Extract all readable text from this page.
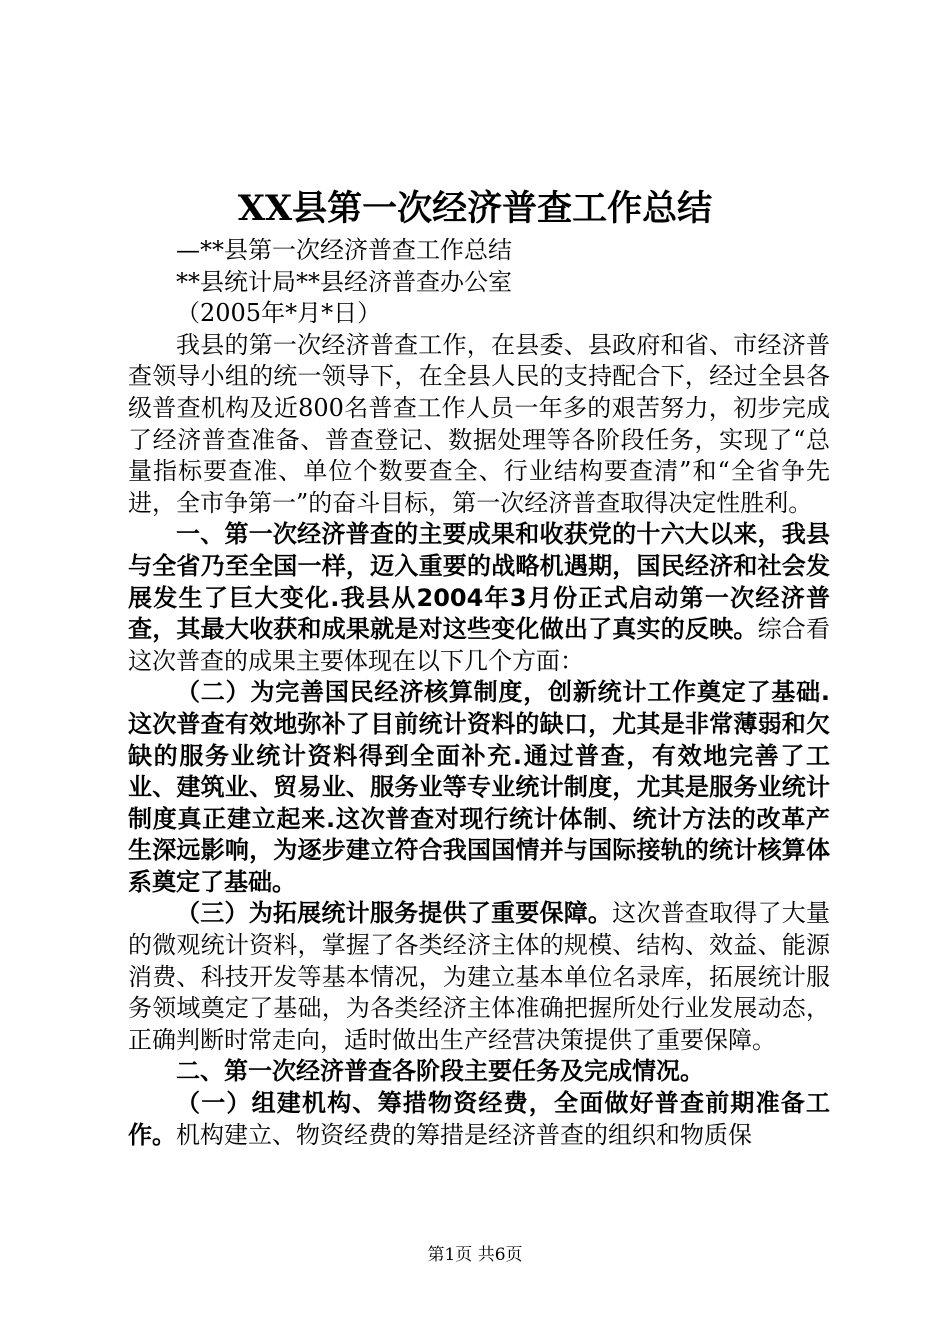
XX县第一次经济普查工作总结

—**县第一次经济普查工作总结

**县统计局**县经济普查办公室

（2005年*月*日）

我县的第一次经济普查工作，在县委、县政府和省、市经济普查领导小组的统一领导下，在全县人民的支持配合下，经过全县各级普查机构及近800名普查工作人员一年多的艰苦努力，初步完成了经济普查准备、普查登记、数据处理等各阶段任务，实现了“总量指标要查准、单位个数要查全、行业结构要查清”和“全省争先进，全市争第一”的奋斗目标，第一次经济普查取得决定性胜利。

一、第一次经济普查的主要成果和收获党的十六大以来，我县与全省乃至全国一样，迈入重要的战略机遇期，国民经济和社会发展发生了巨大变化.我县从2004年3月份正式启动第一次经济普查，其最大收获和成果就是对这些变化做出了真实的反映。综合看这次普查的成果主要体现在以下几个方面：

（二）为完善国民经济核算制度，创新统计工作奠定了基础.这次普查有效地弥补了目前统计资料的缺口，尤其是非常薄弱和欠缺的服务业统计资料得到全面补充.通过普查，有效地完善了工业、建筑业、贸易业、服务业等专业统计制度，尤其是服务业统计制度真正建立起来.这次普查对现行统计体制、统计方法的改革产生深远影响，为逐步建立符合我国国情并与国际接轨的统计核算体系奠定了基础。

（三）为拓展统计服务提供了重要保障。这次普查取得了大量的微观统计资料，掌握了各类经济主体的规模、结构、效益、能源消费、科技开发等基本情况，为建立基本单位名录库，拓展统计服务领域奠定了基础，为各类经济主体准确把握所处行业发展动态，正确判断时常走向，适时做出生产经营决策提供了重要保障。

二、第一次经济普查各阶段主要任务及完成情况。

（一）组建机构、筹措物资经费，全面做好普查前期准备工作。机构建立、物资经费的筹措是经济普查的组织和物质保

第1页 共6页
